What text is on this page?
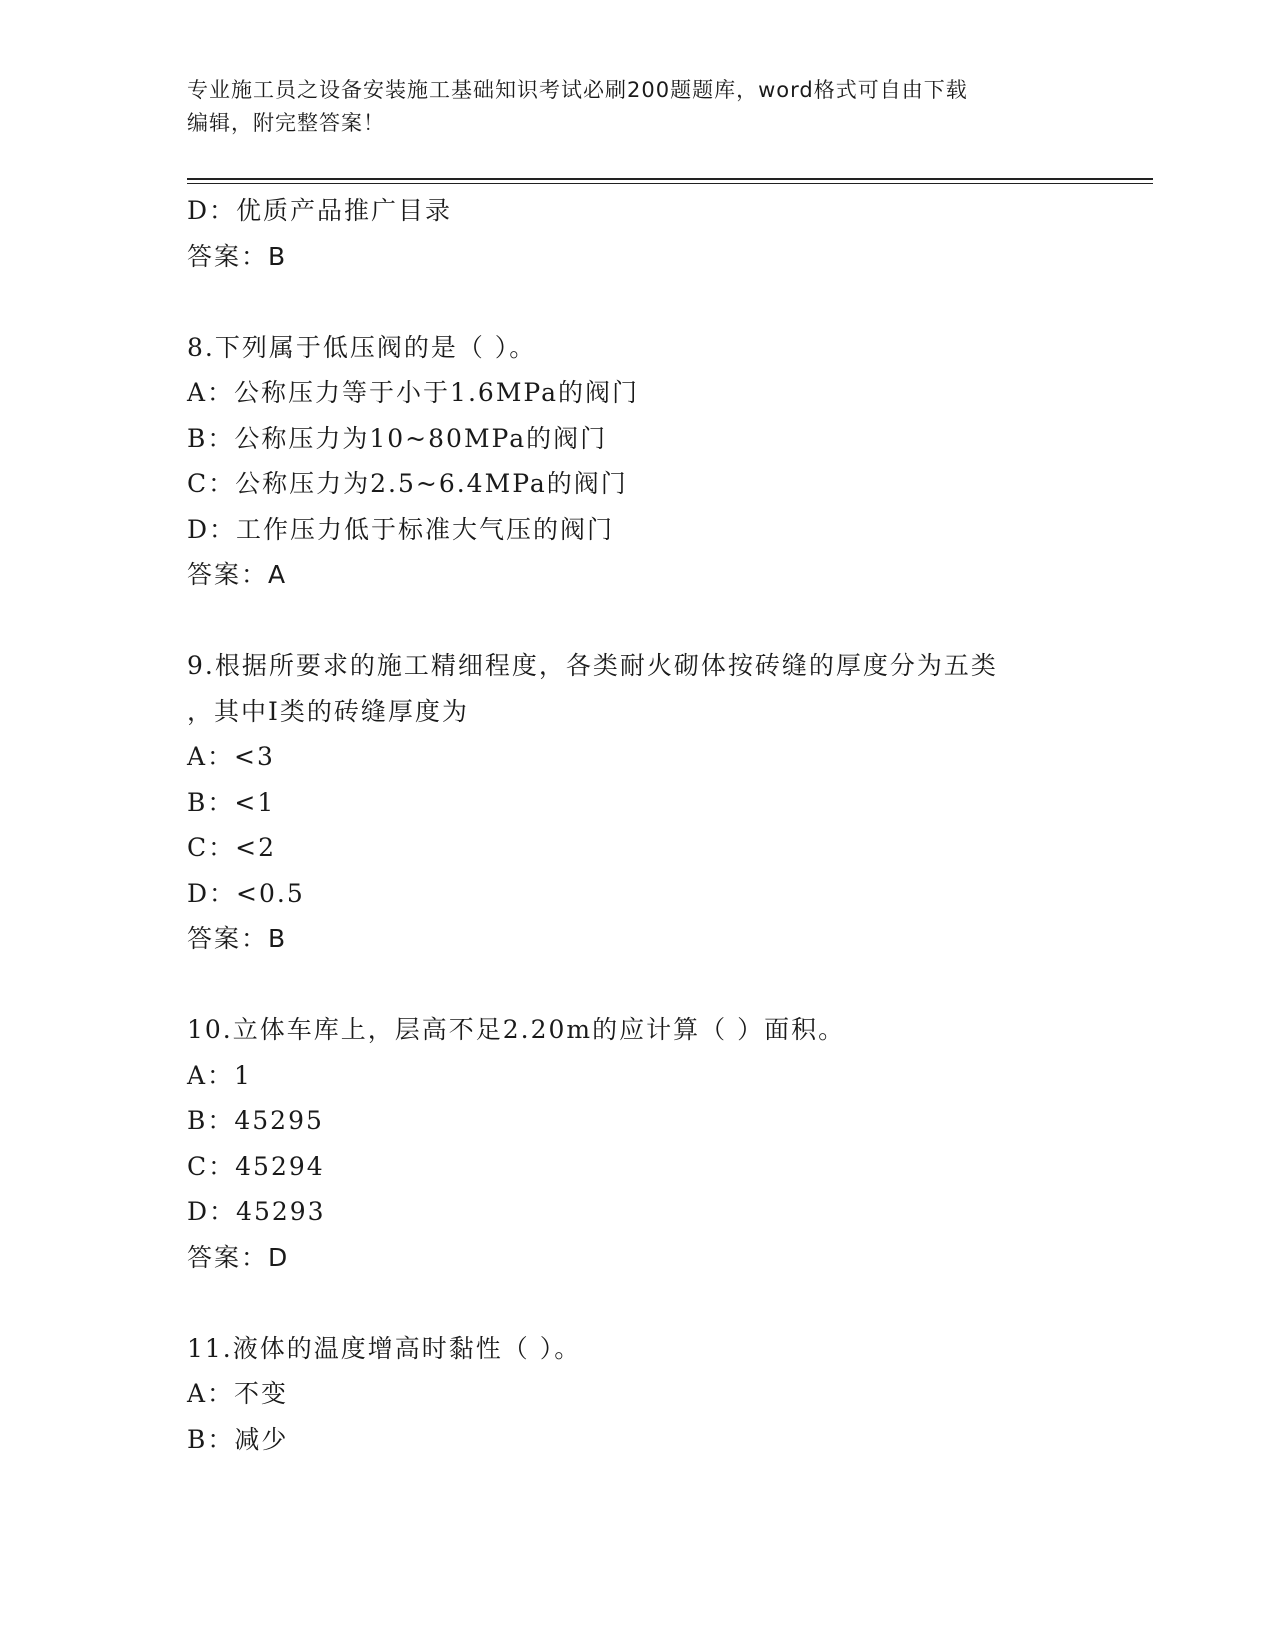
专业施工员之设备安装施工基础知识考试必刷200题题库，word格式可自由下载
编辑，附完整答案！
D：优质产品推广目录
答案：B
8.下列属于低压阀的是（ ）。
A：公称压力等于小于1.6MPa的阀门
B：公称压力为10~80MPa的阀门
C：公称压力为2.5~6.4MPa的阀门
D：工作压力低于标准大气压的阀门
答案：A
9.根据所要求的施工精细程度，各类耐火砌体按砖缝的厚度分为五类
，其中Ⅰ类的砖缝厚度为
A：<3
B：<1
C：<2
D：<0.5
答案：B
10.立体车库上，层高不足2.20m的应计算（ ）面积。
A：1
B：45295
C：45294
D：45293
答案：D
11.液体的温度增高时黏性（ ）。
A：不变
B：减少
